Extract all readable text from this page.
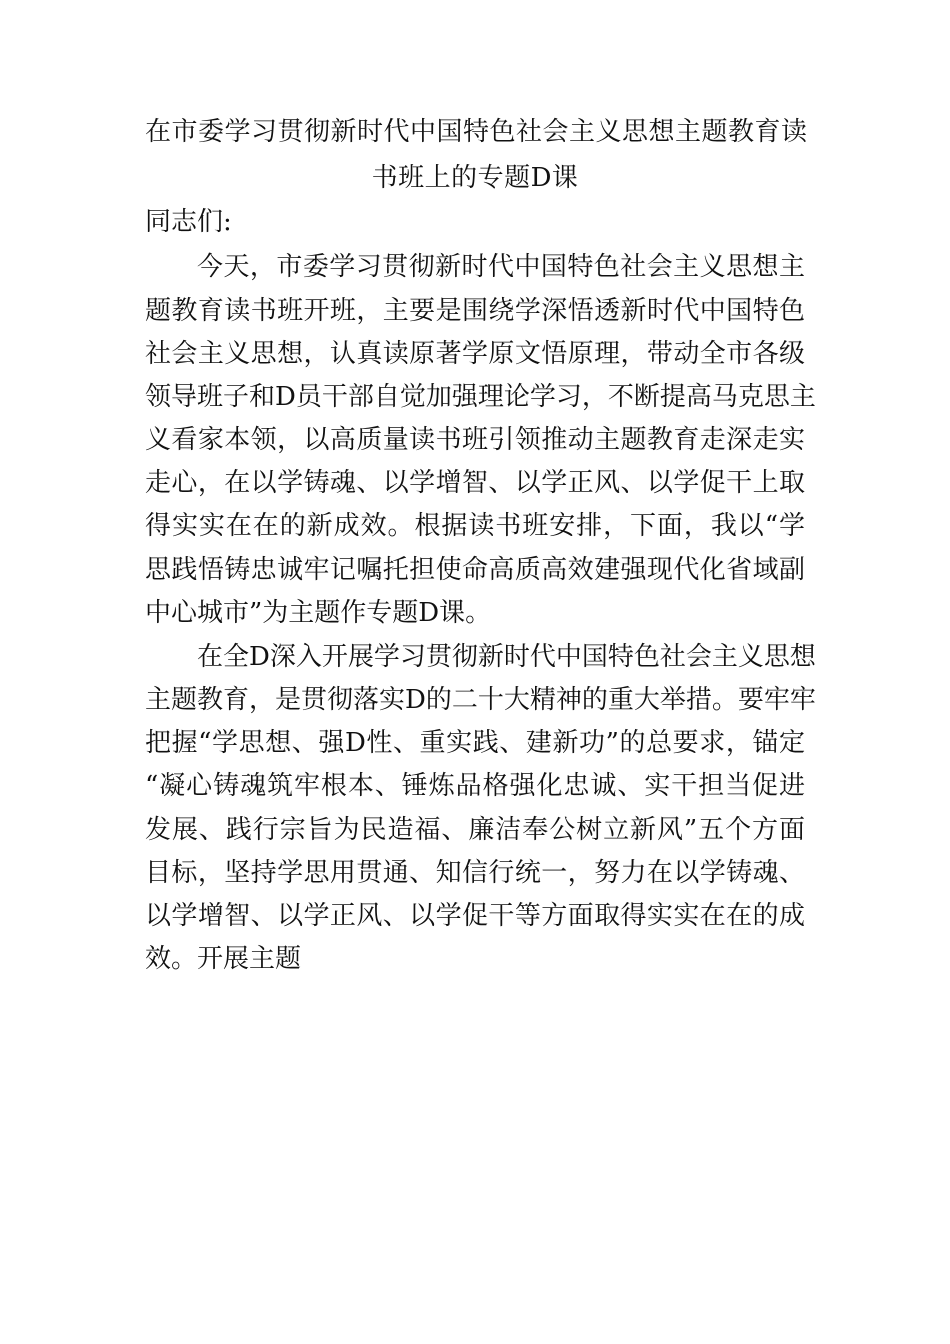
在市委学习贯彻新时代中国特色社会主义思想主题教育读
书班上的专题D课
同志们:
今天，市委学习贯彻新时代中国特色社会主义思想主
题教育读书班开班，主要是围绕学深悟透新时代中国特色
社会主义思想，认真读原著学原文悟原理，带动全市各级
领导班子和D员干部自觉加强理论学习，不断提高马克思主
义看家本领，以高质量读书班引领推动主题教育走深走实
走心，在以学铸魂、以学增智、以学正风、以学促干上取
得实实在在的新成效。根据读书班安排，下面，我以“学
思践悟铸忠诚牢记嘱托担使命高质高效建强现代化省域副
中心城市”为主题作专题D课。
在全D深入开展学习贯彻新时代中国特色社会主义思想
主题教育，是贯彻落实D的二十大精神的重大举措。要牢牢
把握“学思想、强D性、重实践、建新功”的总要求，锚定
“凝心铸魂筑牢根本、锤炼品格强化忠诚、实干担当促进
发展、践行宗旨为民造福、廉洁奉公树立新风”五个方面
目标，坚持学思用贯通、知信行统一，努力在以学铸魂、
以学增智、以学正风、以学促干等方面取得实实在在的成
效。开展主题
